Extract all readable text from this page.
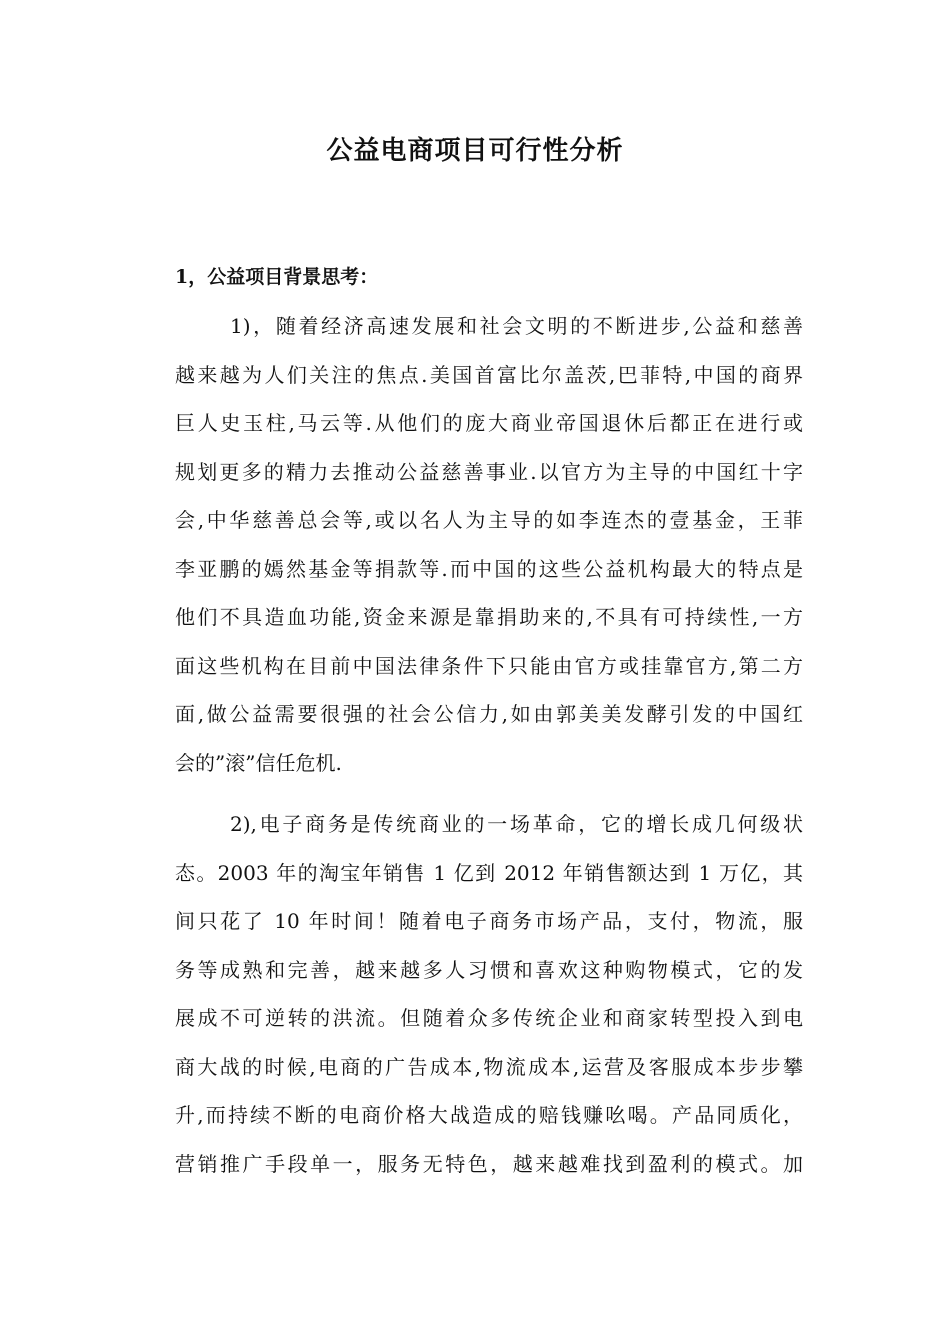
公益电商项目可行性分析
1，公益项目背景思考：
1)，随着经济高速发展和社会文明的不断进步,公益和慈善
越来越为人们关注的焦点.美国首富比尔盖茨,巴菲特,中国的商界
巨人史玉柱,马云等.从他们的庞大商业帝国退休后都正在进行或
规划更多的精力去推动公益慈善事业.以官方为主导的中国红十字
会,中华慈善总会等,或以名人为主导的如李连杰的壹基金，王菲
李亚鹏的嫣然基金等捐款等.而中国的这些公益机构最大的特点是
他们不具造血功能,资金来源是靠捐助来的,不具有可持续性,一方
面这些机构在目前中国法律条件下只能由官方或挂靠官方,第二方
面,做公益需要很强的社会公信力,如由郭美美发酵引发的中国红
会的”滚”信任危机.
2),电子商务是传统商业的一场革命，它的增长成几何级状
态。2003 年的淘宝年销售 1 亿到 2012 年销售额达到 1 万亿，其
间只花了 10 年时间！随着电子商务市场产品，支付，物流，服
务等成熟和完善，越来越多人习惯和喜欢这种购物模式，它的发
展成不可逆转的洪流。但随着众多传统企业和商家转型投入到电
商大战的时候,电商的广告成本,物流成本,运营及客服成本步步攀
升,而持续不断的电商价格大战造成的赔钱赚吆喝。产品同质化，
营销推广手段单一，服务无特色，越来越难找到盈利的模式。加
